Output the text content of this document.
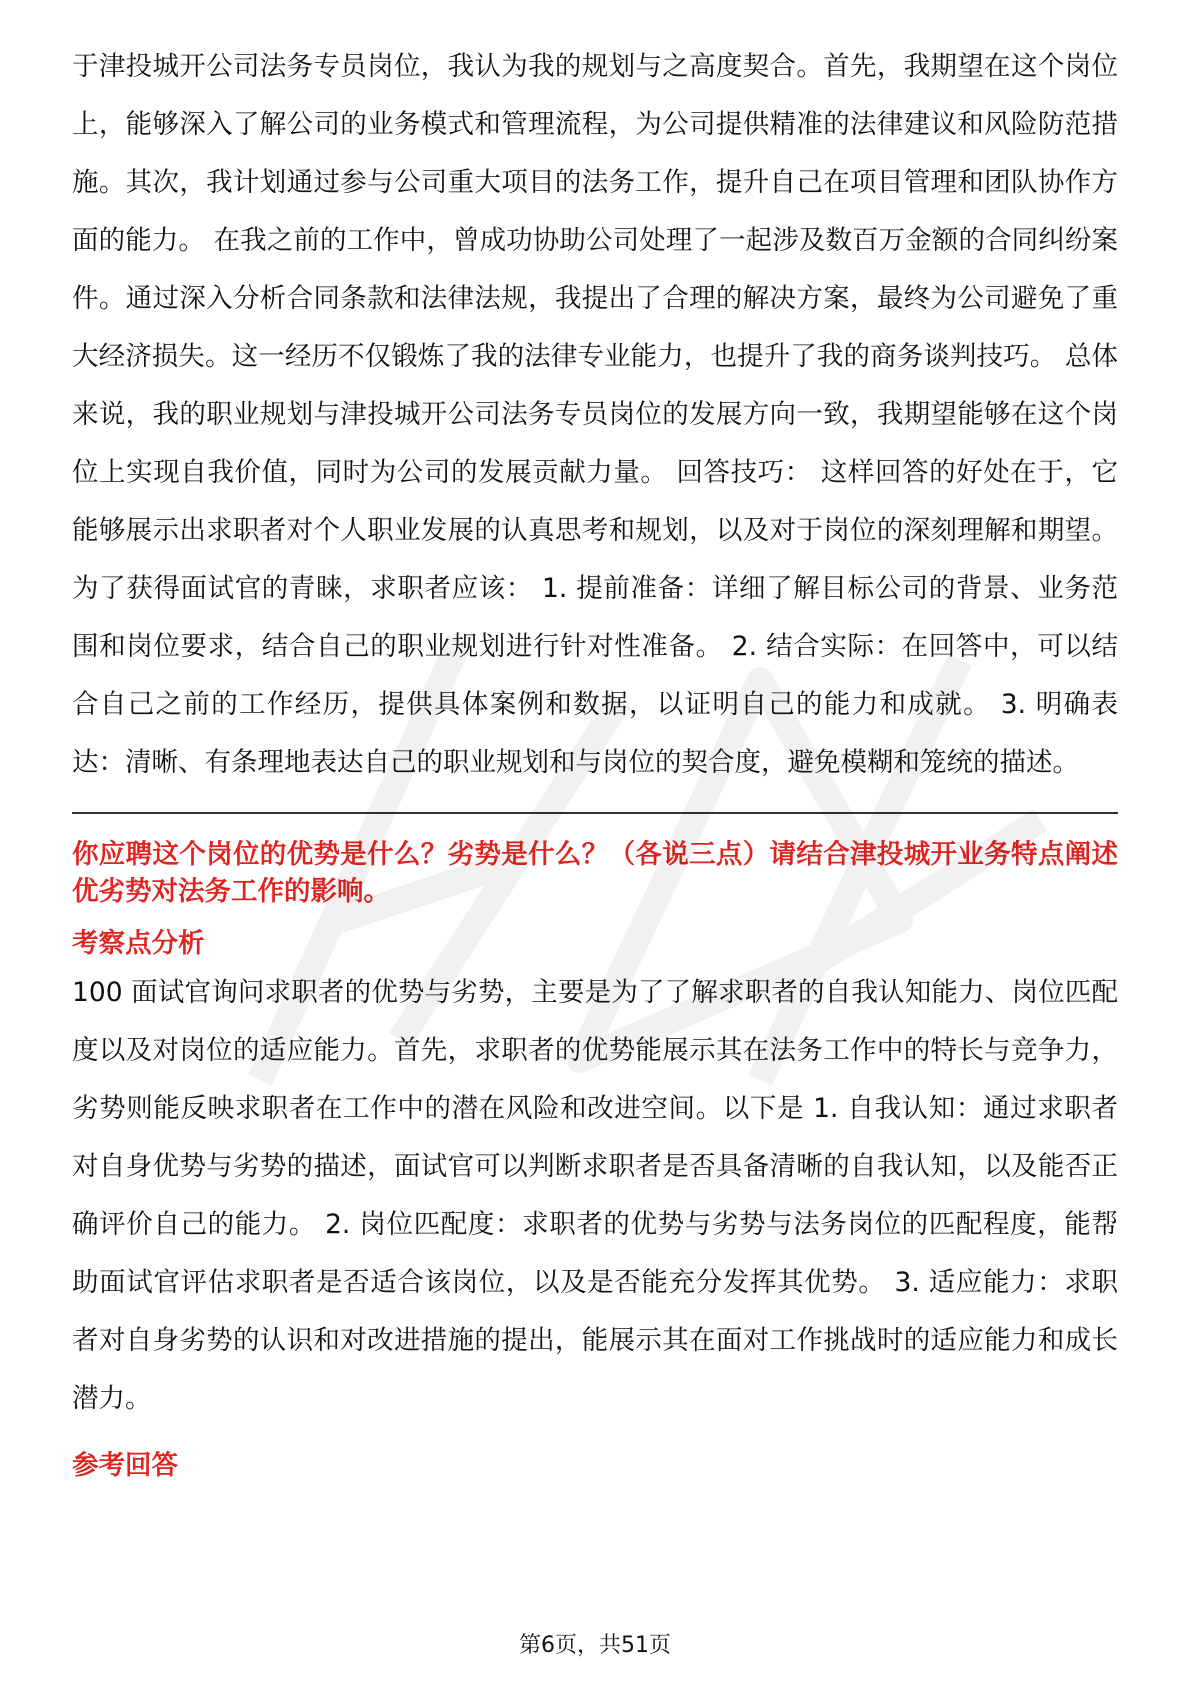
于津投城开公司法务专员岗位，我认为我的规划与之高度契合。首先，我期望在这个岗位上，能够深入了解公司的业务模式和管理流程，为公司提供精准的法律建议和风险防范措施。其次，我计划通过参与公司重大项目的法务工作，提升自己在项目管理和团队协作方面的能力。 在我之前的工作中，曾成功协助公司处理了一起涉及数百万金额的合同纠纷案件。通过深入分析合同条款和法律法规，我提出了合理的解决方案，最终为公司避免了重大经济损失。这一经历不仅锻炼了我的法律专业能力，也提升了我的商务谈判技巧。 总体来说，我的职业规划与津投城开公司法务专员岗位的发展方向一致，我期望能够在这个岗位上实现自我价值，同时为公司的发展贡献力量。 回答技巧： 这样回答的好处在于，它能够展示出求职者对个人职业发展的认真思考和规划，以及对于岗位的深刻理解和期望。为了获得面试官的青睐，求职者应该： 1. 提前准备：详细了解目标公司的背景、业务范围和岗位要求，结合自己的职业规划进行针对性准备。 2. 结合实际：在回答中，可以结合自己之前的工作经历，提供具体案例和数据，以证明自己的能力和成就。 3. 明确表达：清晰、有条理地表达自己的职业规划和与岗位的契合度，避免模糊和笼统的描述。

你应聘这个岗位的优势是什么？劣势是什么？（各说三点）请结合津投城开业务特点阐述优劣势对法务工作的影响。

考察点分析

100 面试官询问求职者的优势与劣势，主要是为了了解求职者的自我认知能力、岗位匹配度以及对岗位的适应能力。首先，求职者的优势能展示其在法务工作中的特长与竞争力，劣势则能反映求职者在工作中的潜在风险和改进空间。以下是 1. 自我认知：通过求职者对自身优势与劣势的描述，面试官可以判断求职者是否具备清晰的自我认知，以及能否正确评价自己的能力。 2. 岗位匹配度：求职者的优势与劣势与法务岗位的匹配程度，能帮助面试官评估求职者是否适合该岗位，以及是否能充分发挥其优势。 3. 适应能力：求职者对自身劣势的认识和对改进措施的提出，能展示其在面对工作挑战时的适应能力和成长潜力。

参考回答
第6页，共51页
